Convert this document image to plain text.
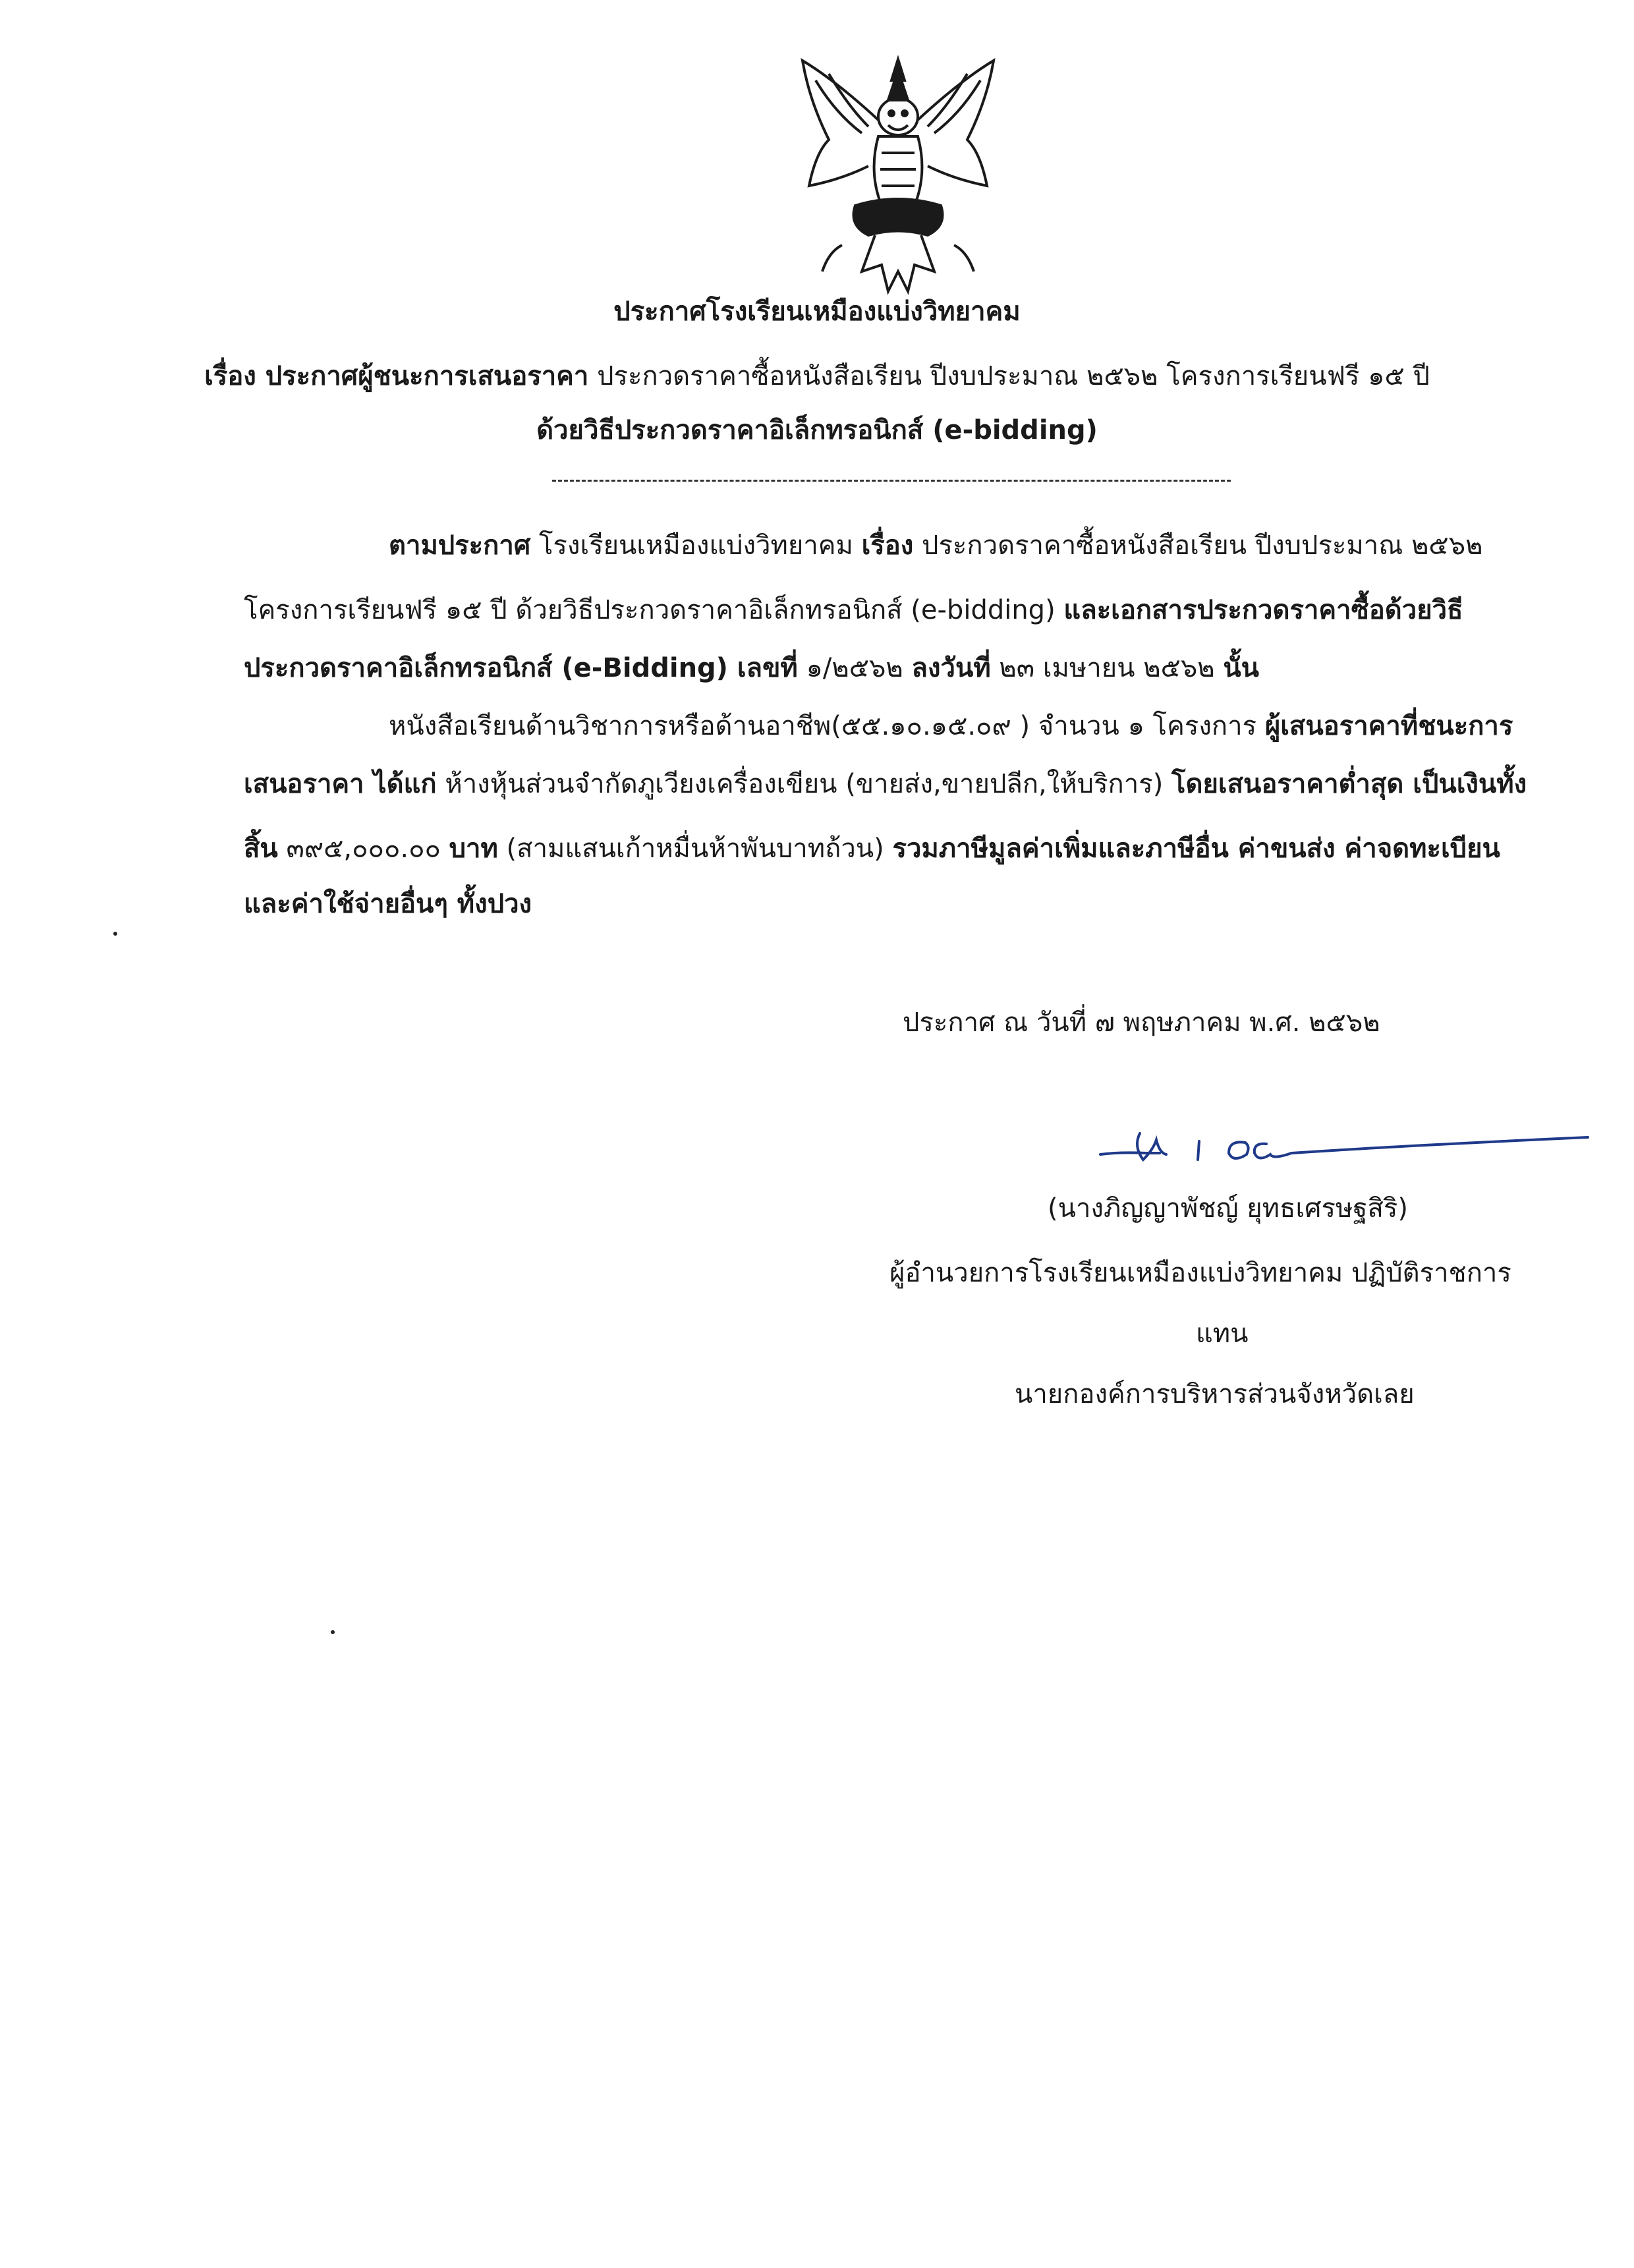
ประกาศโรงเรียนเหมืองแบ่งวิทยาคม
เรื่อง ประกาศผู้ชนะการเสนอราคา ประกวดราคาซื้อหนังสือเรียน ปีงบประมาณ ๒๕๖๒ โครงการเรียนฟรี ๑๕ ปี
ด้วยวิธีประกวดราคาอิเล็กทรอนิกส์ (e-bidding)
ตามประกาศ โรงเรียนเหมืองแบ่งวิทยาคม เรื่อง ประกวดราคาซื้อหนังสือเรียน ปีงบประมาณ ๒๕๖๒
โครงการเรียนฟรี ๑๕ ปี ด้วยวิธีประกวดราคาอิเล็กทรอนิกส์ (e-bidding) และเอกสารประกวดราคาซื้อด้วยวิธี
ประกวดราคาอิเล็กทรอนิกส์ (e-Bidding) เลขที่ ๑/๒๕๖๒ ลงวันที่ ๒๓ เมษายน ๒๕๖๒ นั้น
หนังสือเรียนด้านวิชาการหรือด้านอาชีพ(๕๕.๑๐.๑๕.๐๙ ) จำนวน ๑ โครงการ ผู้เสนอราคาที่ชนะการ
เสนอราคา ได้แก่ ห้างหุ้นส่วนจำกัดภูเวียงเครื่องเขียน (ขายส่ง,ขายปลีก,ให้บริการ) โดยเสนอราคาต่ำสุด เป็นเงินทั้ง
สิ้น ๓๙๕,๐๐๐.๐๐ บาท (สามแสนเก้าหมื่นห้าพันบาทถ้วน) รวมภาษีมูลค่าเพิ่มและภาษีอื่น ค่าขนส่ง ค่าจดทะเบียน
และค่าใช้จ่ายอื่นๆ ทั้งปวง
ประกาศ ณ วันที่ ๗ พฤษภาคม พ.ศ. ๒๕๖๒
(นางภิญญาพัชญ์ ยุทธเศรษฐสิริ)
ผู้อำนวยการโรงเรียนเหมืองแบ่งวิทยาคม ปฏิบัติราชการ
แทน
นายกองค์การบริหารส่วนจังหวัดเลย
